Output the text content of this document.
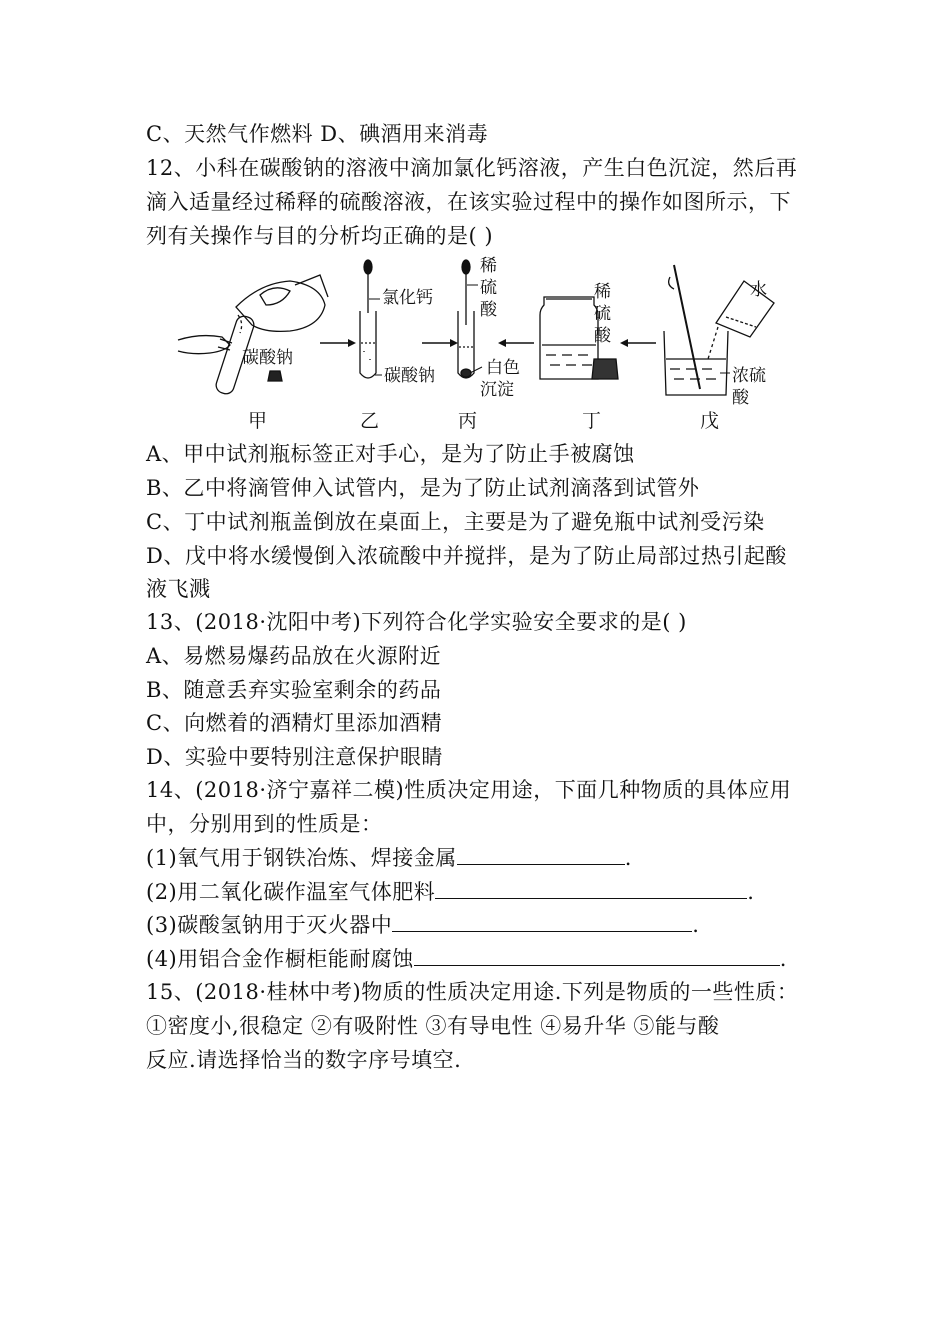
C、天然气作燃料 D、碘酒用来消毒
12、小科在碳酸钠的溶液中滴加氯化钙溶液，产生白色沉淀，然后再
滴入适量经过稀释的硫酸溶液，在该实验过程中的操作如图所示，下
列有关操作与目的分析均正确的是( )
碳酸钠
甲
氯化钙
碳酸钠
乙
稀
硫
酸
白色
沉淀
丙
稀
硫
酸
丁
水
浓硫
酸
戊
A、甲中试剂瓶标签正对手心，是为了防止手被腐蚀
B、乙中将滴管伸入试管内，是为了防止试剂滴落到试管外
C、丁中试剂瓶盖倒放在桌面上，主要是为了避免瓶中试剂受污染
D、戊中将水缓慢倒入浓硫酸中并搅拌，是为了防止局部过热引起酸
液飞溅
13、(2018·沈阳中考)下列符合化学实验安全要求的是( )
A、易燃易爆药品放在火源附近
B、随意丢弃实验室剩余的药品
C、向燃着的酒精灯里添加酒精
D、实验中要特别注意保护眼睛
14、(2018·济宁嘉祥二模)性质决定用途，下面几种物质的具体应用
中，分别用到的性质是：
(1)氧气用于钢铁冶炼、焊接金属	.
(2)用二氧化碳作温室气体肥料	.
(3)碳酸氢钠用于灭火器中	.
(4)用铝合金作橱柜能耐腐蚀	.
15、(2018·桂林中考)物质的性质决定用途.下列是物质的一些性质：
①密度小,很稳定 ②有吸附性 ③有导电性 ④易升华 ⑤能与酸
反应.请选择恰当的数字序号填空.
